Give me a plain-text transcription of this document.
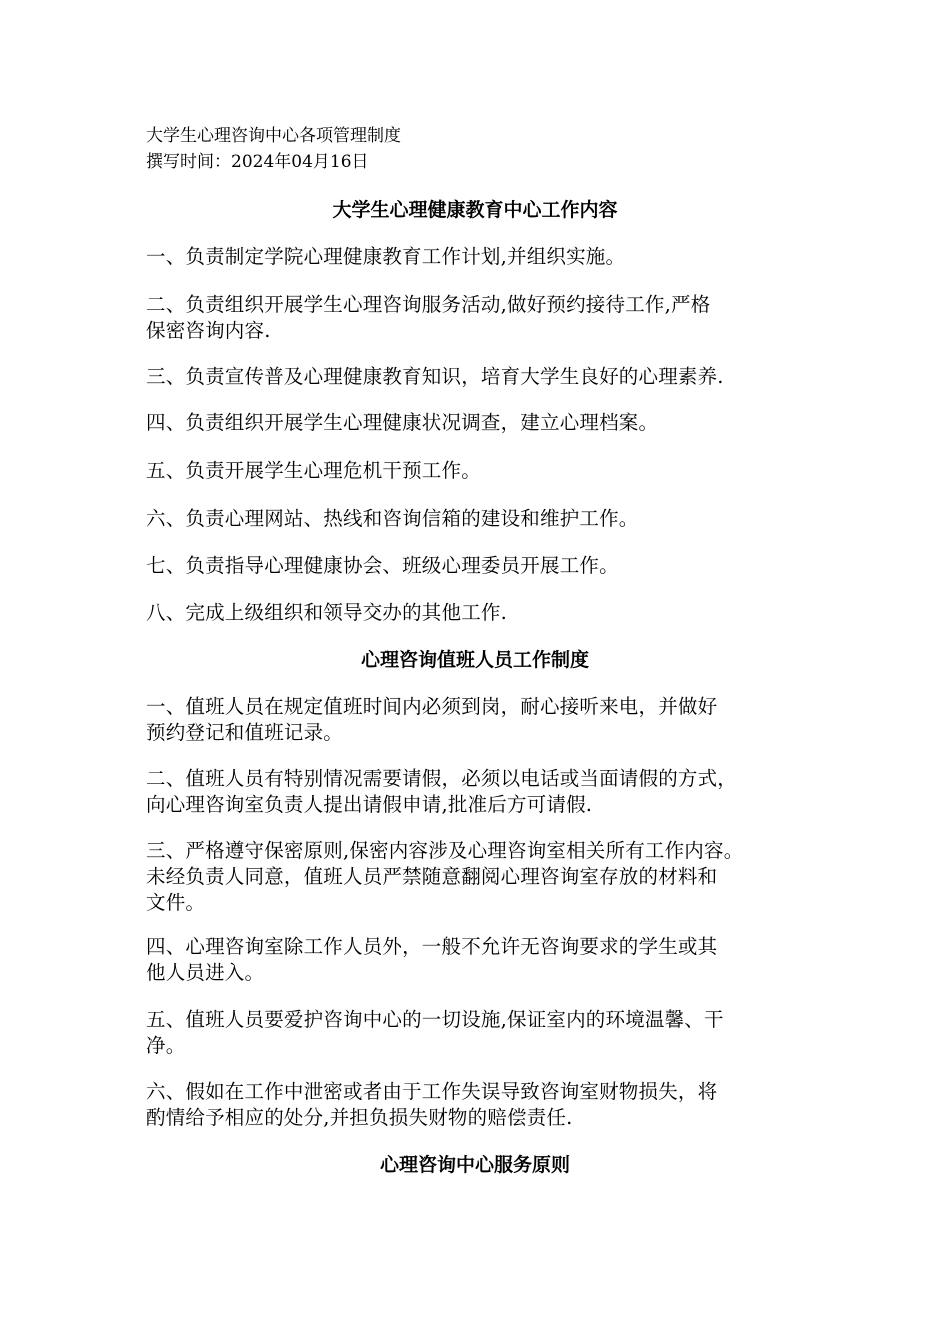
大学生心理咨询中心各项管理制度
撰写时间：2024年04月16日
大学生心理健康教育中心工作内容
一、负责制定学院心理健康教育工作计划,并组织实施。
二、负责组织开展学生心理咨询服务活动,做好预约接待工作,严格
保密咨询内容.
三、负责宣传普及心理健康教育知识，培育大学生良好的心理素养.
四、负责组织开展学生心理健康状况调查，建立心理档案。
五、负责开展学生心理危机干预工作。
六、负责心理网站、热线和咨询信箱的建设和维护工作。
七、负责指导心理健康协会、班级心理委员开展工作。
八、完成上级组织和领导交办的其他工作.
心理咨询值班人员工作制度
一、值班人员在规定值班时间内必须到岗，耐心接听来电，并做好
预约登记和值班记录。
二、值班人员有特别情况需要请假，必须以电话或当面请假的方式，
向心理咨询室负责人提出请假申请,批准后方可请假.
三、严格遵守保密原则,保密内容涉及心理咨询室相关所有工作内容。
未经负责人同意，值班人员严禁随意翻阅心理咨询室存放的材料和
文件。
四、心理咨询室除工作人员外，一般不允许无咨询要求的学生或其
他人员进入。
五、值班人员要爱护咨询中心的一切设施,保证室内的环境温馨、干
净。
六、假如在工作中泄密或者由于工作失误导致咨询室财物损失，将
酌情给予相应的处分,并担负损失财物的赔偿责任.
心理咨询中心服务原则
